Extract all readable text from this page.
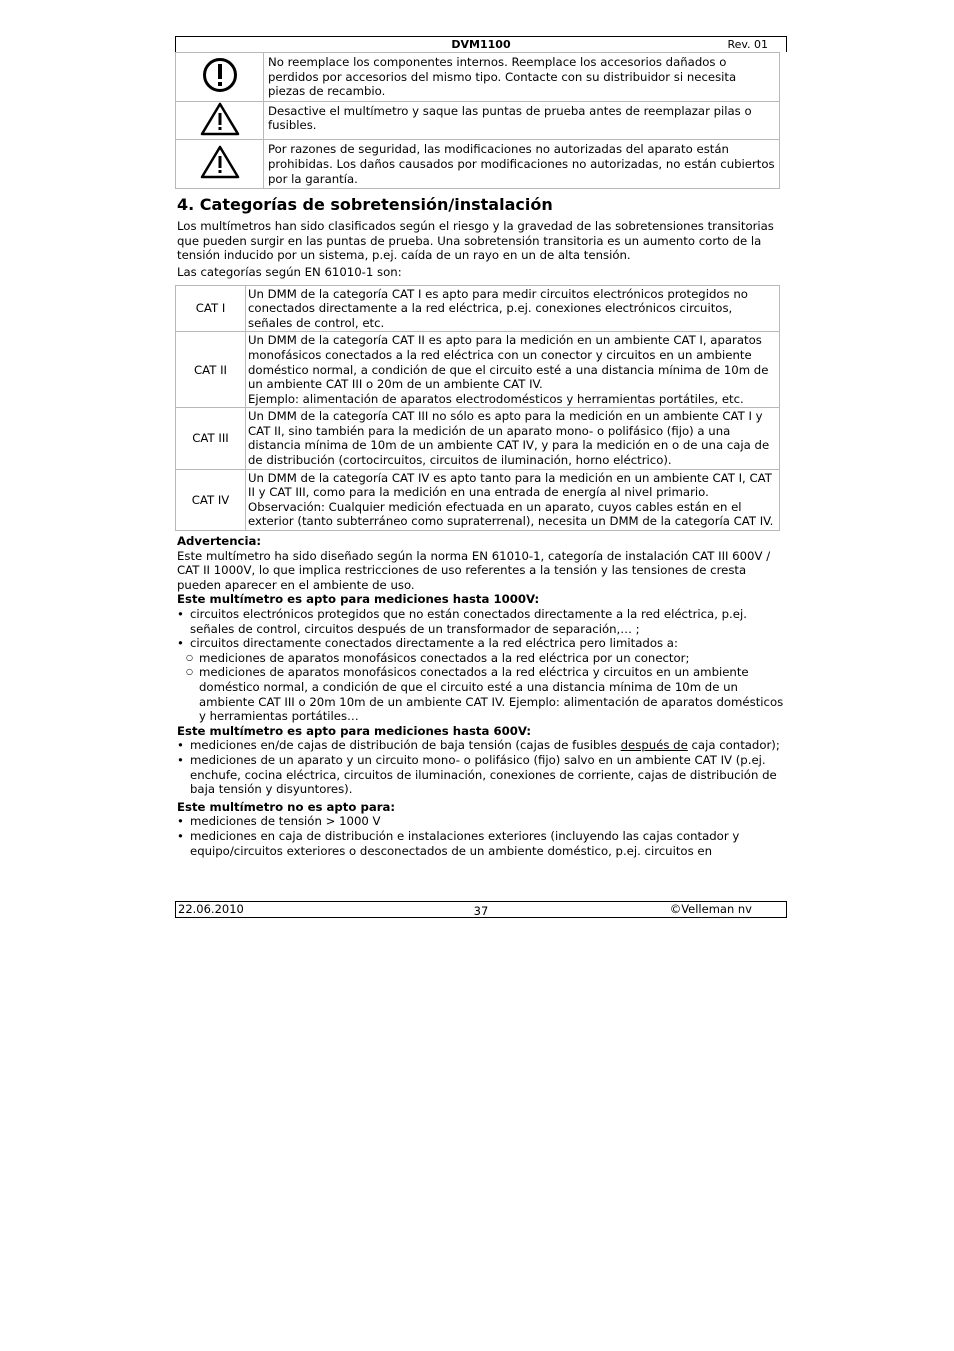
DVM1100	Rev. 01
	No reemplace los componentes internos. Reemplace los accesorios dañados o perdidos por accesorios del mismo tipo. Contacte con su distribuidor si necesita piezas de recambio.
	Desactive el multímetro y saque las puntas de prueba antes de reemplazar pilas o fusibles.
	Por razones de seguridad, las modificaciones no autorizadas del aparato están prohibidas. Los daños causados por modificaciones no autorizadas, no están cubiertos por la garantía.
4. Categorías de sobretensión/instalación

Los multímetros han sido clasificados según el riesgo y la gravedad de las sobretensiones transitorias que pueden surgir en las puntas de prueba. Una sobretensión transitoria es un aumento corto de la tensión inducido por un sistema, p.ej. caída de un rayo en un de alta tensión.

Las categorías según EN 61010-1 son:

CAT I	Un DMM de la categoría CAT I es apto para medir circuitos electrónicos protegidos no conectados directamente a la red eléctrica, p.ej. conexiones electrónicos circuitos, señales de control, etc.
CAT II	Un DMM de la categoría CAT II es apto para la medición en un ambiente CAT I, aparatos monofásicos conectados a la red eléctrica con un conector y circuitos en un ambiente doméstico normal, a condición de que el circuito esté a una distancia mínima de 10m de un ambiente CAT III o 20m de un ambiente CAT IV.
Ejemplo: alimentación de aparatos electrodomésticos y herramientas portátiles, etc.

CAT III	Un DMM de la categoría CAT III no sólo es apto para la medición en un ambiente CAT I y CAT II, sino también para la medición de un aparato mono- o polifásico (fijo) a una distancia mínima de 10m de un ambiente CAT IV, y para la medición en o de una caja de de distribución (cortocircuitos, circuitos de iluminación, horno eléctrico).
CAT IV	Un DMM de la categoría CAT IV es apto tanto para la medición en un ambiente CAT I, CAT II y CAT III, como para la medición en una entrada de energía al nivel primario.
Observación: Cualquier medición efectuada en un aparato, cuyos cables están en el exterior (tanto subterráneo como supraterrenal), necesita un DMM de la categoría CAT IV.

Advertencia:

Este multímetro ha sido diseñado según la norma EN 61010-1, categoría de instalación CAT III 600V / CAT II 1000V, lo que implica restricciones de uso referentes a la tensión y las tensiones de cresta pueden aparecer en el ambiente de uso.

Este multímetro es apto para mediciones hasta 1000V:

• circuitos electrónicos protegidos que no están conectados directamente a la red eléctrica, p.ej. señales de control, circuitos después de un transformador de separación,… ;
• circuitos directamente conectados directamente a la red eléctrica pero limitados a:
○ mediciones de aparatos monofásicos conectados a la red eléctrica por un conector;
○ mediciones de aparatos monofásicos conectados a la red eléctrica y circuitos en un ambiente doméstico normal, a condición de que el circuito esté a una distancia mínima de 10m de un ambiente CAT III o 20m 10m de un ambiente CAT IV. Ejemplo: alimentación de aparatos domésticos y herramientas portátiles…

Este multímetro es apto para mediciones hasta 600V:

• mediciones en/de cajas de distribución de baja tensión (cajas de fusibles después de caja contador);
• mediciones de un aparato y un circuito mono- o polifásico (fijo) salvo en un ambiente CAT IV (p.ej. enchufe, cocina eléctrica, circuitos de iluminación, conexiones de corriente, cajas de distribución de baja tensión y disyuntores).

Este multímetro no es apto para:

• mediciones de tensión > 1000 V
• mediciones en caja de distribución e instalaciones exteriores (incluyendo las cajas contador y equipo/circuitos exteriores o desconectados de un ambiente doméstico, p.ej. circuitos en
22.06.2010	37	©Velleman nv
